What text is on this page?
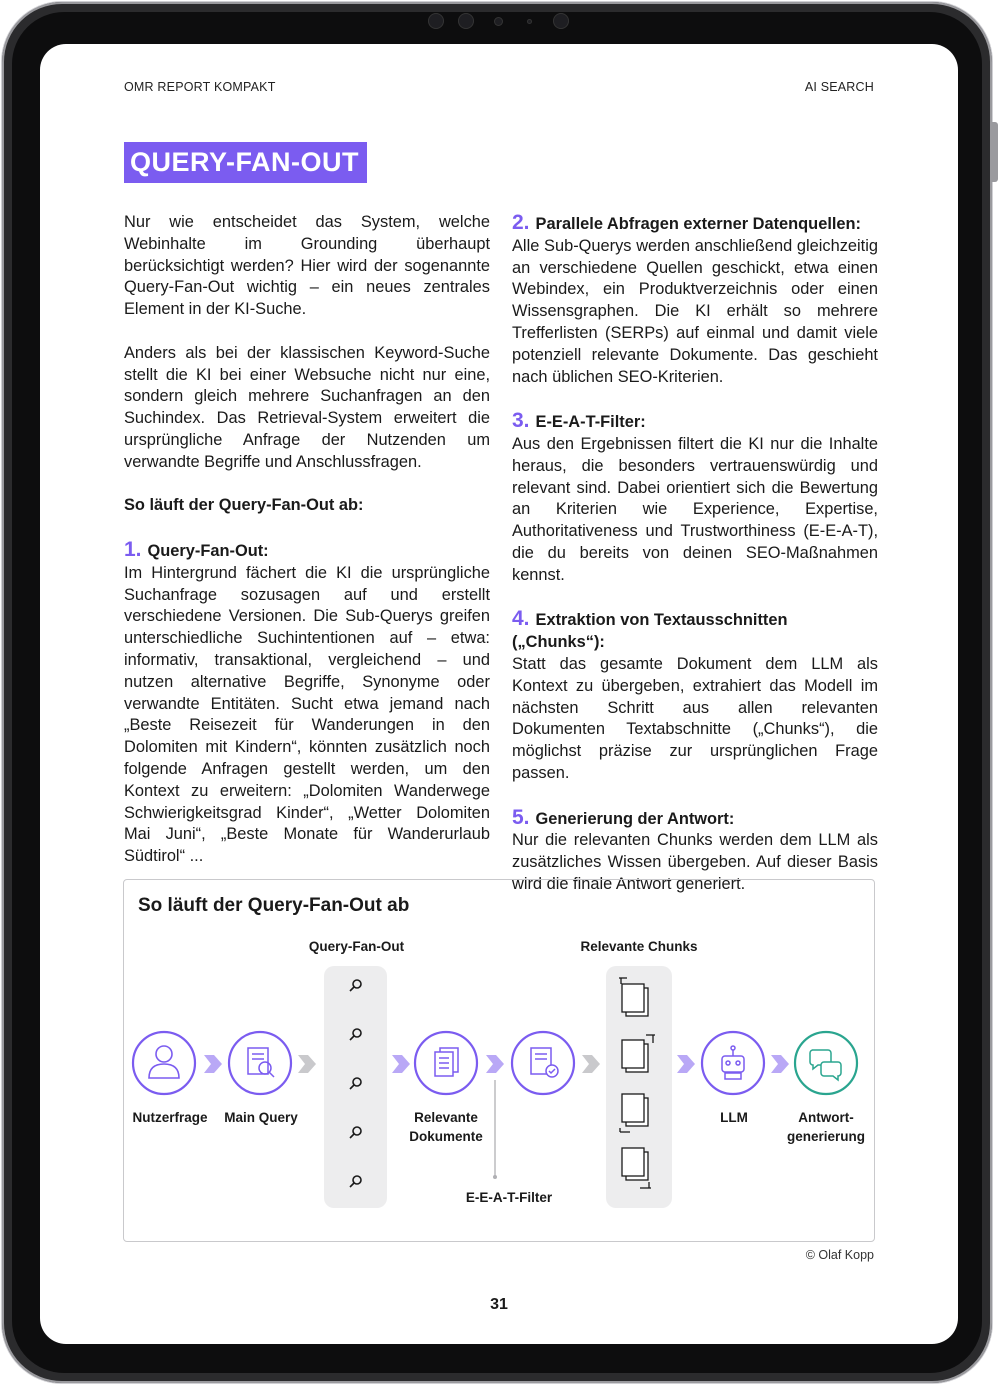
OMR REPORT KOMPAKT	AI SEARCH
QUERY-FAN-OUT

Nur wie entscheidet das System, welche Webinhalte im Grounding überhaupt berücksichtigt werden? Hier wird der sogenannte Query-Fan-Out wichtig – ein neues zentrales Element in der KI-Suche.

Anders als bei der klassischen Keyword-Suche stellt die KI bei einer Websuche nicht nur eine, sondern gleich mehrere Suchanfragen an den Suchindex. Das Retrieval-System erweitert die ursprüngliche Anfrage der Nutzenden um verwandte Begriffe und Anschlussfragen.

So läuft der Query-Fan-Out ab:

1. Query-Fan-Out:
Im Hintergrund fächert die KI die ursprüngliche Suchanfrage sozusagen auf und erstellt verschiedene Versionen. Die Sub-Querys greifen unterschiedliche Suchintentionen auf – etwa: informativ, transaktional, vergleichend – und nutzen alternative Begriffe, Synonyme oder verwandte Entitäten. Sucht etwa jemand nach „Beste Reisezeit für Wanderungen in den Dolomiten mit Kindern“, könnten zusätzlich noch folgende Anfragen gestellt werden, um den Kontext zu erweitern: „Dolomiten Wanderwege Schwierigkeitsgrad Kinder“, „Wetter Dolomiten Mai Juni“, „Beste Monate für Wanderurlaub Südtirol“ ...
2. Parallele Abfragen externer Datenquellen:
Alle Sub-Querys werden anschließend gleichzeitig an verschiedene Quellen geschickt, etwa einen Webindex, ein Produktverzeichnis oder einen Wissensgraphen. Die KI erhält so mehrere Trefferlisten (SERPs) auf einmal und damit viele potenziell relevante Dokumente. Das geschieht nach üblichen SEO-Kriterien.
3. E-E-A-T-Filter:
Aus den Ergebnissen filtert die KI nur die Inhalte heraus, die besonders vertrauenswürdig und relevant sind. Dabei orientiert sich die Bewertung an Kriterien wie Experience, Expertise, Authoritativeness und Trustworthiness (E-E-A-T), die du bereits von deinen SEO-Maßnahmen kennst.
4. Extraktion von Textausschnitten („Chunks“):
Statt das gesamte Dokument dem LLM als Kontext zu übergeben, extrahiert das Modell im nächsten Schritt aus allen relevanten Dokumenten Textabschnitte („Chunks“), die möglichst präzise zur ursprünglichen Frage passen.
5. Generierung der Antwort:
Nur die relevanten Chunks werden dem LLM als zusätzliches Wissen übergeben. Auf dieser Basis wird die finale Antwort generiert.
So läuft der Query-Fan-Out ab
Query-Fan-Out	Relevante Chunks
Nutzerfrage	Main Query	Relevante
Dokumente
E-E-A-T-Filter
LLM	Antwort-
generierung
© Olaf Kopp
31
